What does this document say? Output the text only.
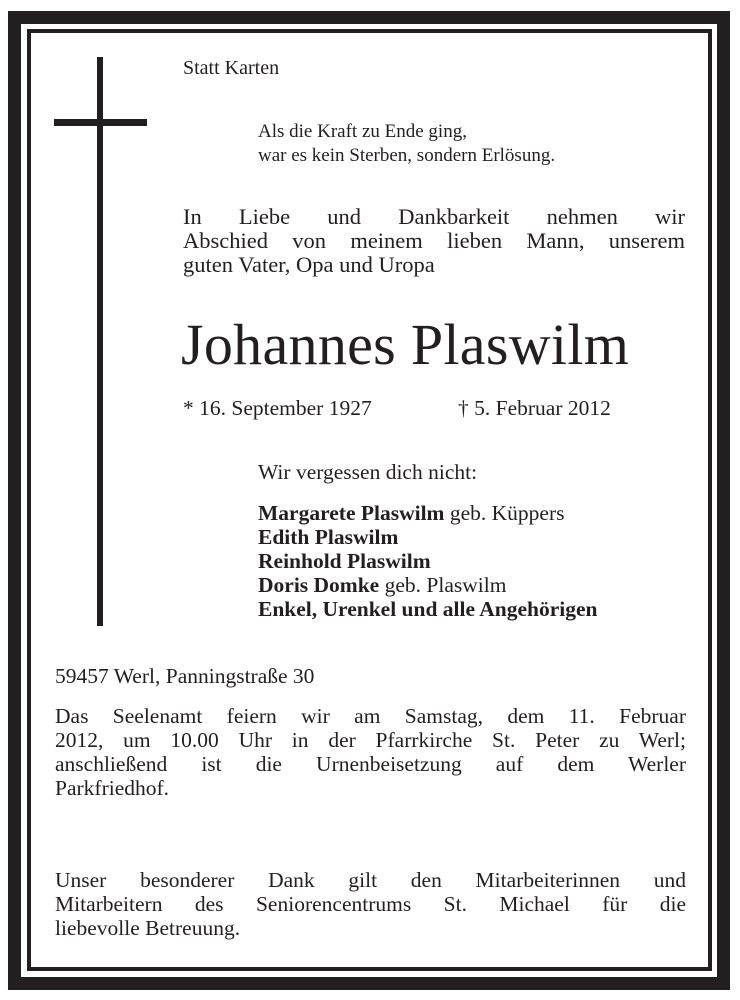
Statt Karten
Als die Kraft zu Ende ging,
war es kein Sterben, sondern Erlösung.
In Liebe und Dankbarkeit nehmen wir
Abschied von meinem lieben Mann, unserem
guten Vater, Opa und Uropa
Johannes Plaswilm
* 16. September 1927	† 5. Februar 2012
Wir vergessen dich nicht:
Margarete Plaswilm geb. Küppers
Edith Plaswilm
Reinhold Plaswilm
Doris Domke geb. Plaswilm
Enkel, Urenkel und alle Angehörigen
59457 Werl, Panningstraße 30
Das Seelenamt feiern wir am Samstag, dem 11. Februar
2012, um 10.00 Uhr in der Pfarrkirche St. Peter zu Werl;
anschließend ist die Urnenbeisetzung auf dem Werler
Parkfriedhof.
Unser besonderer Dank gilt den Mitarbeiterinnen und
Mitarbeitern des Seniorencentrums St. Michael für die
liebevolle Betreuung.
